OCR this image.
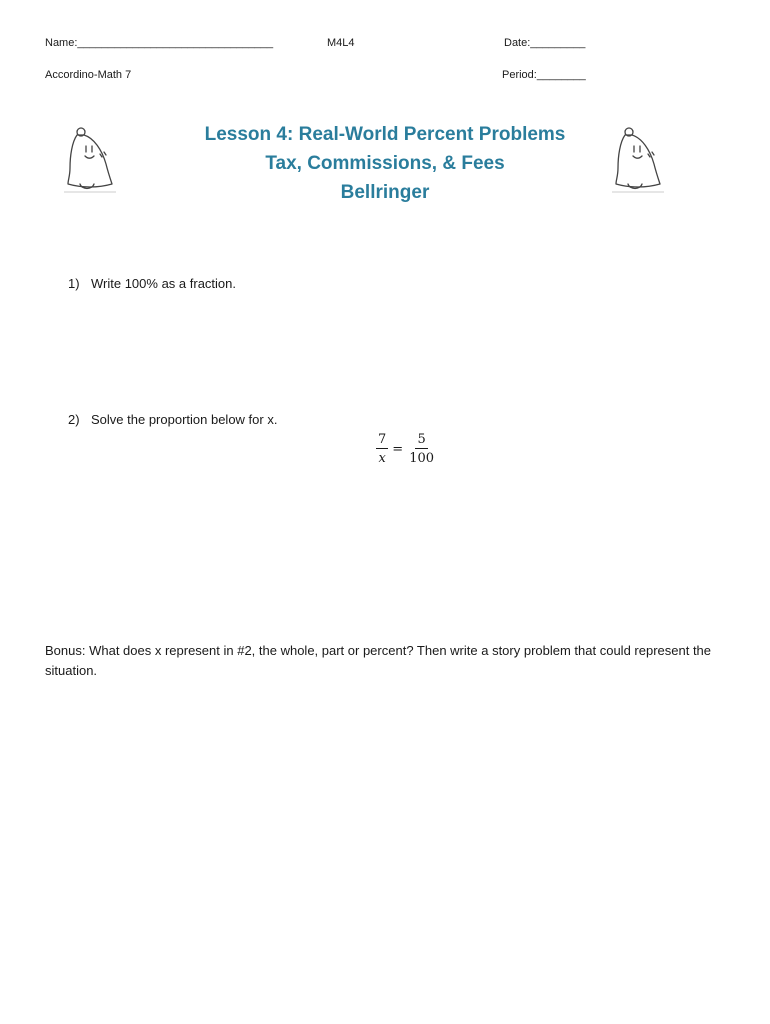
Name:________________________________	M4L4	Date:_________
Accordino-Math 7	Period:________
Lesson 4: Real-World Percent Problems
Tax, Commissions, & Fees
Bellringer
1) Write 100% as a fraction.
2) Solve the proportion below for x.
$\frac{7}{x} = \frac{5}{100}$
Bonus: What does x represent in #2, the whole, part or percent? Then write a story problem that could represent the situation.
